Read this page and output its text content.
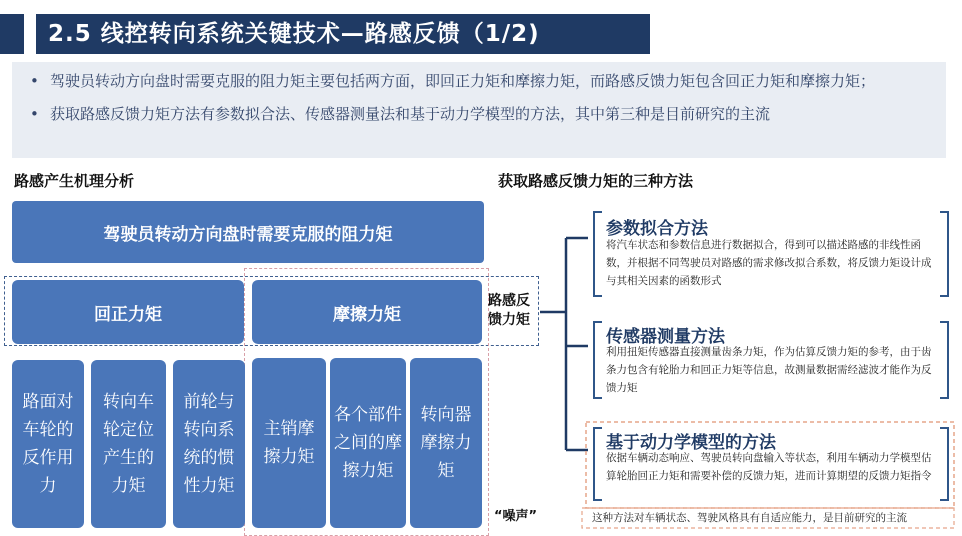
2.5 线控转向系统关键技术—路感反馈（1/2)
• 驾驶员转动方向盘时需要克服的阻力矩主要包括两方面，即回正力矩和摩擦力矩，而路感反馈力矩包含回正力矩和摩擦力矩；
• 获取路感反馈力矩方法有参数拟合法、传感器测量法和基于动力学模型的方法，其中第三种是目前研究的主流
路感产生机理分析
驾驶员转动方向盘时需要克服的阻力矩
回正力矩	摩擦力矩
路感反馈力矩
路面对车轮的反作用力
转向车轮定位产生的力矩
前轮与转向系统的惯性力矩
主销摩擦力矩
各个部件之间的摩擦力矩
转向器摩擦力矩
“噪声”
获取路感反馈力矩的三种方法
参数拟合方法
将汽车状态和参数信息进行数据拟合，得到可以描述路感的非线性函数，并根据不同驾驶员对路感的需求修改拟合系数，将反馈力矩设计成与其相关因素的函数形式
传感器测量方法
利用扭矩传感器直接测量齿条力矩，作为估算反馈力矩的参考，由于齿条力包含有轮胎力和回正力矩等信息，故测量数据需经滤波才能作为反馈力矩
基于动力学模型的方法
依据车辆动态响应、驾驶员转向盘输入等状态，利用车辆动力学模型估算轮胎回正力矩和需要补偿的反馈力矩，进而计算期望的反馈力矩指令
这种方法对车辆状态、驾驶风格具有自适应能力，是目前研究的主流
